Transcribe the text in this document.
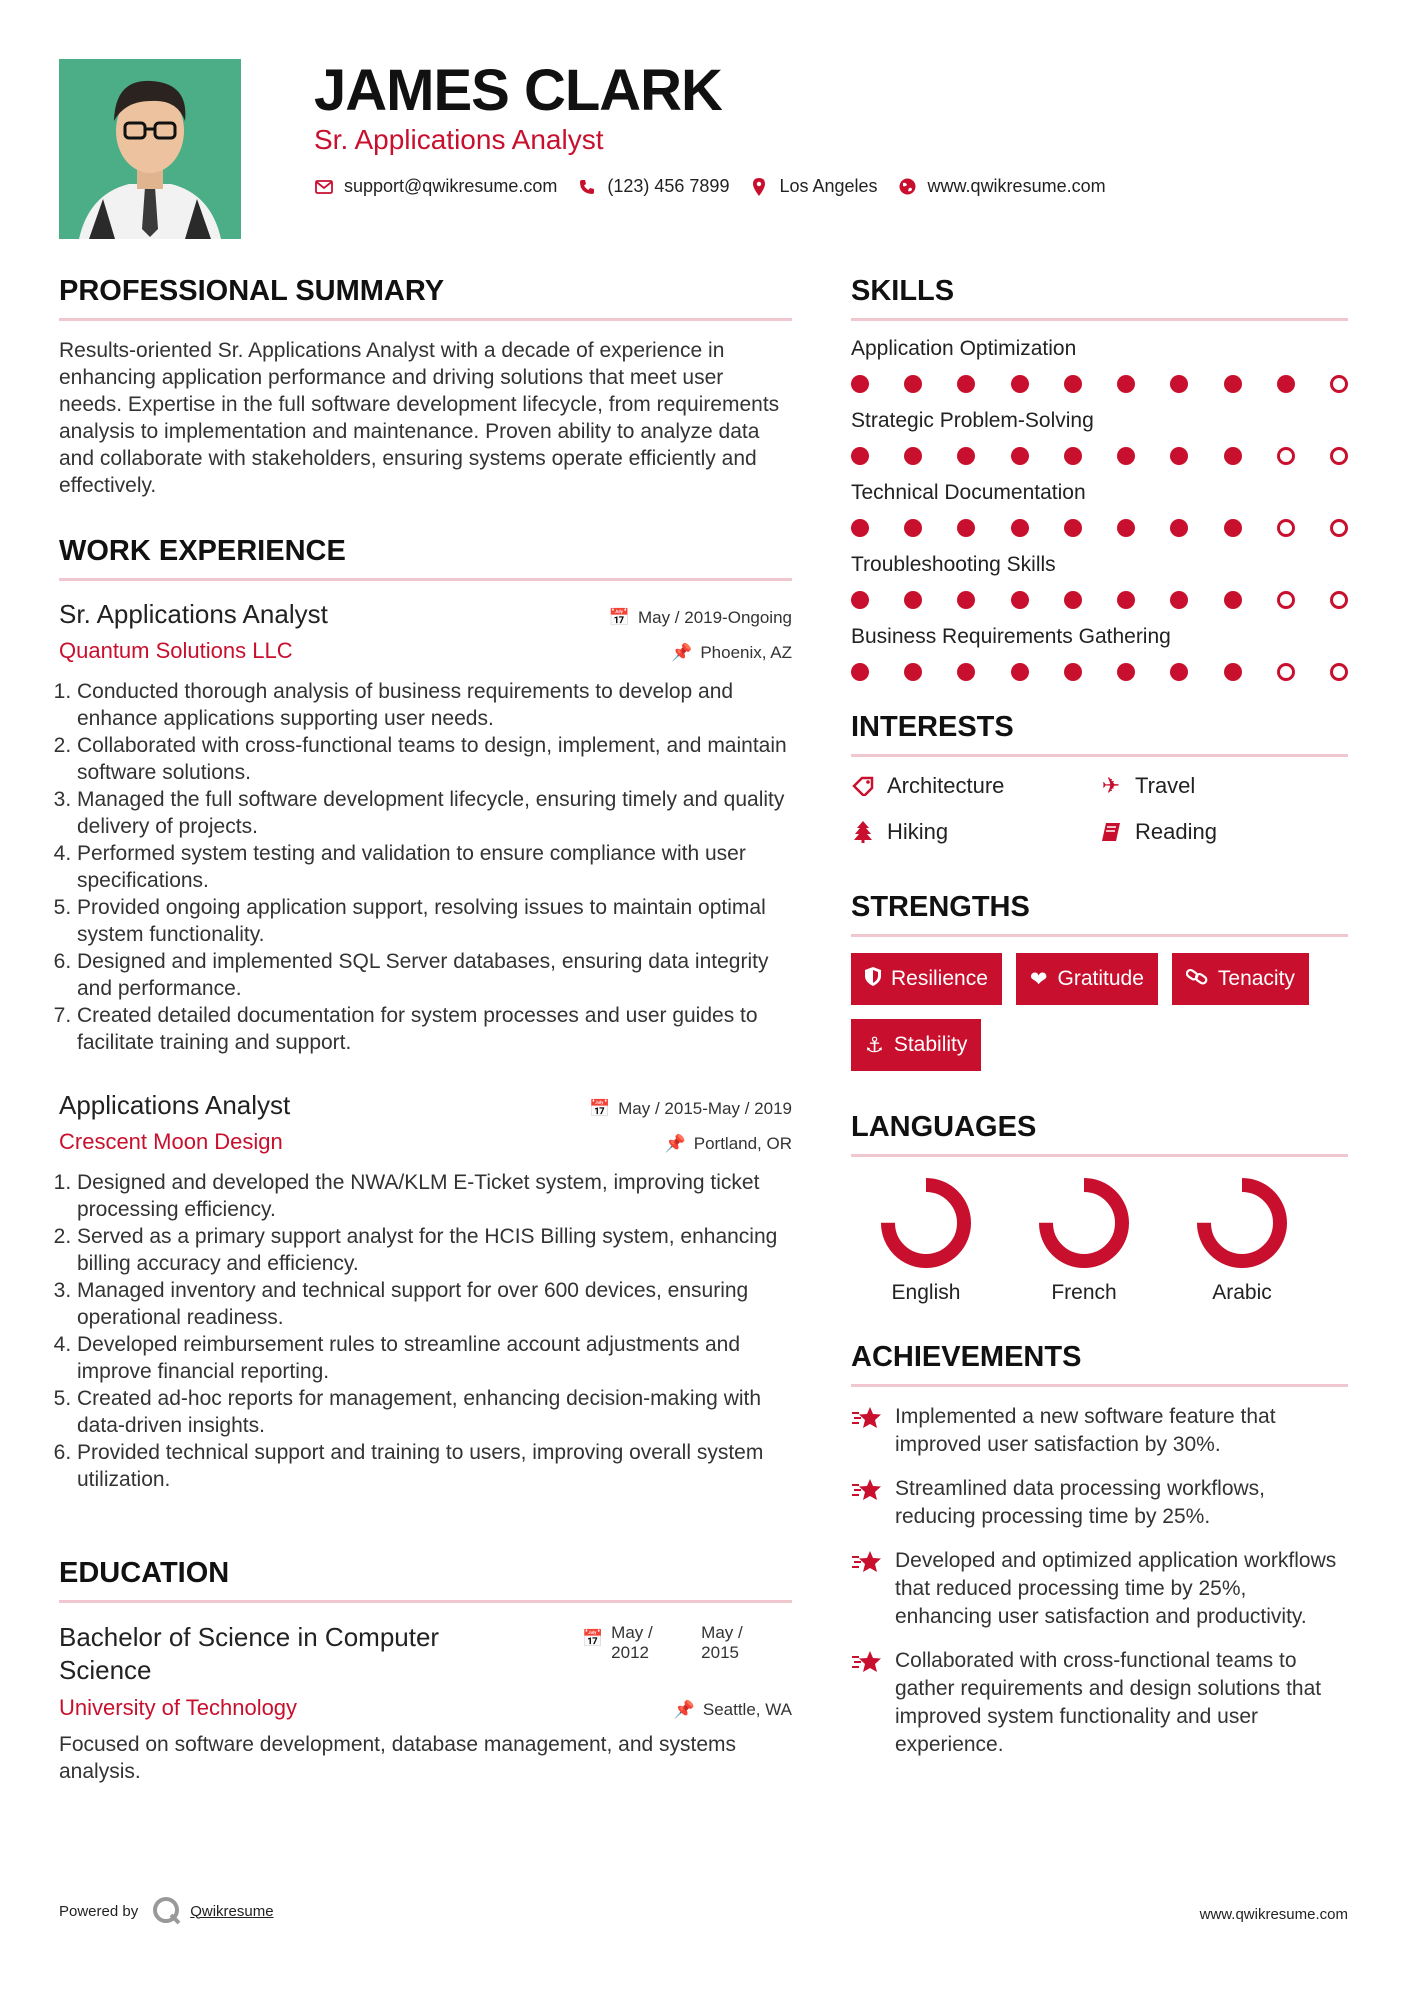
JAMES CLARK
Sr. Applications Analyst
support@qwikresume.com	(123) 456 7899	Los Angeles	www.qwikresume.com
PROFESSIONAL SUMMARY
Results-oriented Sr. Applications Analyst with a decade of experience in enhancing application performance and driving solutions that meet user needs. Expertise in the full software development lifecycle, from requirements analysis to implementation and maintenance. Proven ability to analyze data and collaborate with stakeholders, ensuring systems operate efficiently and effectively.
WORK EXPERIENCE
Sr. Applications Analyst	📅 May / 2019-Ongoing
Quantum Solutions LLC	📌 Phoenix, AZ
1. Conducted thorough analysis of business requirements to develop and enhance applications supporting user needs.
2. Collaborated with cross-functional teams to design, implement, and maintain software solutions.
3. Managed the full software development lifecycle, ensuring timely and quality delivery of projects.
4. Performed system testing and validation to ensure compliance with user specifications.
5. Provided ongoing application support, resolving issues to maintain optimal system functionality.
6. Designed and implemented SQL Server databases, ensuring data integrity and performance.
7. Created detailed documentation for system processes and user guides to facilitate training and support.
Applications Analyst	📅 May / 2015-May / 2019
Crescent Moon Design	📌 Portland, OR
1. Designed and developed the NWA/KLM E-Ticket system, improving ticket processing efficiency.
2. Served as a primary support analyst for the HCIS Billing system, enhancing billing accuracy and efficiency.
3. Managed inventory and technical support for over 600 devices, ensuring operational readiness.
4. Developed reimbursement rules to streamline account adjustments and improve financial reporting.
5. Created ad-hoc reports for management, enhancing decision-making with data-driven insights.
6. Provided technical support and training to users, improving overall system utilization.
EDUCATION
Bachelor of Science in Computer Science
📅 May / 2012
May / 2015
University of Technology	📌 Seattle, WA
Focused on software development, database management, and systems analysis.
SKILLS
Application Optimization
Strategic Problem-Solving
Technical Documentation
Troubleshooting Skills
Business Requirements Gathering
INTERESTS
Architecture	✈ Travel
Hiking	Reading
STRENGTHS
Resilience ❤ Gratitude	Tenacity
⚓ Stability
LANGUAGES
English	French	Arabic
ACHIEVEMENTS
Implemented a new software feature that improved user satisfaction by 30%.
Streamlined data processing workflows, reducing processing time by 25%.
Developed and optimized application workflows that reduced processing time by 25%, enhancing user satisfaction and productivity.
Collaborated with cross-functional teams to gather requirements and design solutions that improved system functionality and user experience.
Powered by	Qwikresume	www.qwikresume.com
